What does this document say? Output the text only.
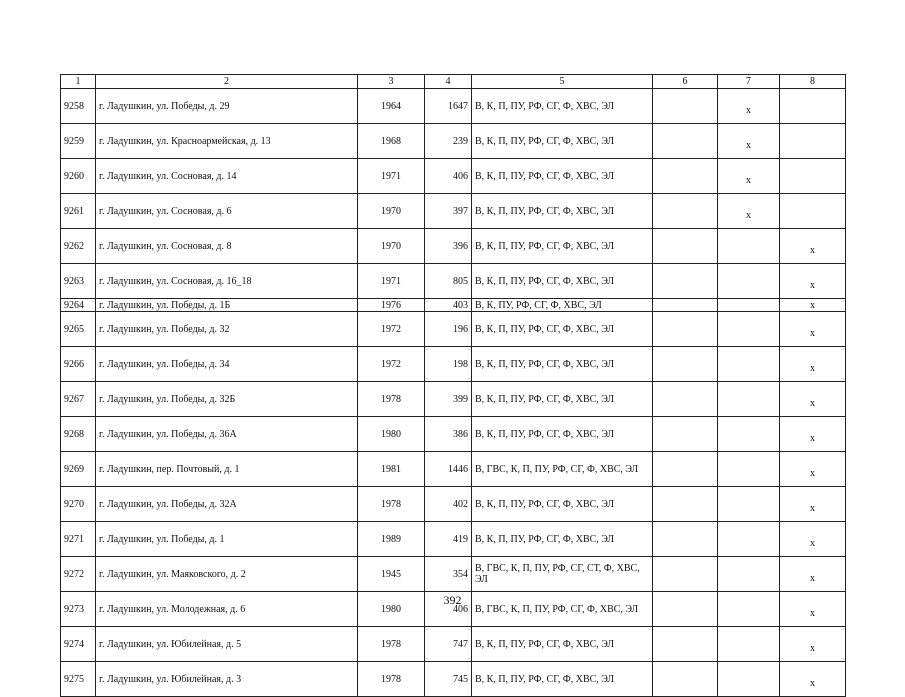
1	2	3	4	5	6	7	8
9258	г. Ладушкин, ул. Победы, д. 29	1964	1647	В, К, П, ПУ, РФ, СГ, Ф, ХВС, ЭЛ		х	
9259	г. Ладушкин, ул. Красноармейская, д. 13	1968	239	В, К, П, ПУ, РФ, СГ, Ф, ХВС, ЭЛ		х	
9260	г. Ладушкин, ул. Сосновая, д. 14	1971	406	В, К, П, ПУ, РФ, СГ, Ф, ХВС, ЭЛ		х	
9261	г. Ладушкин, ул. Сосновая, д. 6	1970	397	В, К, П, ПУ, РФ, СГ, Ф, ХВС, ЭЛ		х	
9262	г. Ладушкин, ул. Сосновая, д. 8	1970	396	В, К, П, ПУ, РФ, СГ, Ф, ХВС, ЭЛ			х
9263	г. Ладушкин, ул. Сосновая, д. 16_18	1971	805	В, К, П, ПУ, РФ, СГ, Ф, ХВС, ЭЛ			х
9264	г. Ладушкин, ул. Победы, д. 1Б	1976	403	В, К, ПУ, РФ, СГ, Ф, ХВС, ЭЛ			х
9265	г. Ладушкин, ул. Победы, д. 32	1972	196	В, К, П, ПУ, РФ, СГ, Ф, ХВС, ЭЛ			х
9266	г. Ладушкин, ул. Победы, д. 34	1972	198	В, К, П, ПУ, РФ, СГ, Ф, ХВС, ЭЛ			х
9267	г. Ладушкин, ул. Победы, д. 32Б	1978	399	В, К, П, ПУ, РФ, СГ, Ф, ХВС, ЭЛ			х
9268	г. Ладушкин, ул. Победы, д. 36А	1980	386	В, К, П, ПУ, РФ, СГ, Ф, ХВС, ЭЛ			х
9269	г. Ладушкин, пер. Почтовый, д. 1	1981	1446	В, ГВС, К, П, ПУ, РФ, СГ, Ф, ХВС, ЭЛ			х
9270	г. Ладушкин, ул. Победы, д. 32А	1978	402	В, К, П, ПУ, РФ, СГ, Ф, ХВС, ЭЛ			х
9271	г. Ладушкин, ул. Победы, д. 1	1989	419	В, К, П, ПУ, РФ, СГ, Ф, ХВС, ЭЛ			х
9272	г. Ладушкин, ул. Маяковского, д. 2	1945	354	В, ГВС, К, П, ПУ, РФ, СГ, СТ, Ф, ХВС, ЭЛ			х
9273	г. Ладушкин, ул. Молодежная, д. 6	1980	406	В, ГВС, К, П, ПУ, РФ, СГ, Ф, ХВС, ЭЛ			х
9274	г. Ладушкин, ул. Юбилейная, д. 5	1978	747	В, К, П, ПУ, РФ, СГ, Ф, ХВС, ЭЛ			х
9275	г. Ладушкин, ул. Юбилейная, д. 3	1978	745	В, К, П, ПУ, РФ, СГ, Ф, ХВС, ЭЛ			х
392
